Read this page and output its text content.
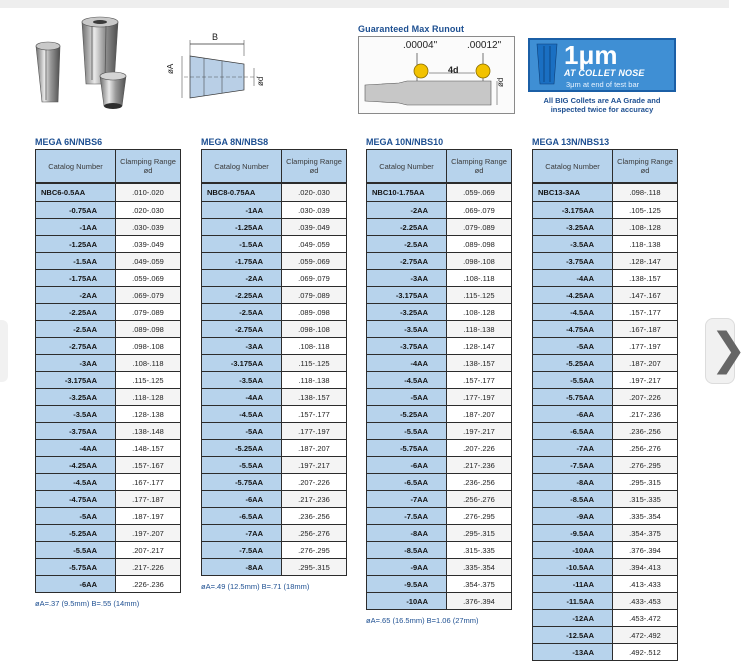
B
øA
ød
Guaranteed Max Runout
.00004"	.00012"
4d
ød
1μm
AT COLLET NOSE
3μm at end of test bar
All BIG Collets are AA Grade and inspected twice for accuracy
MEGA 6N/NBS6
Catalog Number	Clamping Range ød
NBC6-0.5AA	.010-.020
-0.75AA	.020-.030
-1AA	.030-.039
-1.25AA	.039-.049
-1.5AA	.049-.059
-1.75AA	.059-.069
-2AA	.069-.079
-2.25AA	.079-.089
-2.5AA	.089-.098
-2.75AA	.098-.108
-3AA	.108-.118
-3.175AA	.115-.125
-3.25AA	.118-.128
-3.5AA	.128-.138
-3.75AA	.138-.148
-4AA	.148-.157
-4.25AA	.157-.167
-4.5AA	.167-.177
-4.75AA	.177-.187
-5AA	.187-.197
-5.25AA	.197-.207
-5.5AA	.207-.217
-5.75AA	.217-.226
-6AA	.226-.236
øA=.37 (9.5mm) B=.55 (14mm)
MEGA 8N/NBS8
Catalog Number	Clamping Range ød
NBC8-0.75AA	.020-.030
-1AA	.030-.039
-1.25AA	.039-.049
-1.5AA	.049-.059
-1.75AA	.059-.069
-2AA	.069-.079
-2.25AA	.079-.089
-2.5AA	.089-.098
-2.75AA	.098-.108
-3AA	.108-.118
-3.175AA	.115-.125
-3.5AA	.118-.138
-4AA	.138-.157
-4.5AA	.157-.177
-5AA	.177-.197
-5.25AA	.187-.207
-5.5AA	.197-.217
-5.75AA	.207-.226
-6AA	.217-.236
-6.5AA	.236-.256
-7AA	.256-.276
-7.5AA	.276-.295
-8AA	.295-.315
øA=.49 (12.5mm) B=.71 (18mm)
MEGA 10N/NBS10
Catalog Number	Clamping Range ød
NBC10-1.75AA	.059-.069
-2AA	.069-.079
-2.25AA	.079-.089
-2.5AA	.089-.098
-2.75AA	.098-.108
-3AA	.108-.118
-3.175AA	.115-.125
-3.25AA	.108-.128
-3.5AA	.118-.138
-3.75AA	.128-.147
-4AA	.138-.157
-4.5AA	.157-.177
-5AA	.177-.197
-5.25AA	.187-.207
-5.5AA	.197-.217
-5.75AA	.207-.226
-6AA	.217-.236
-6.5AA	.236-.256
-7AA	.256-.276
-7.5AA	.276-.295
-8AA	.295-.315
-8.5AA	.315-.335
-9AA	.335-.354
-9.5AA	.354-.375
-10AA	.376-.394
øA=.65 (16.5mm) B=1.06 (27mm)
MEGA 13N/NBS13
Catalog Number	Clamping Range ød
NBC13-3AA	.098-.118
-3.175AA	.105-.125
-3.25AA	.108-.128
-3.5AA	.118-.138
-3.75AA	.128-.147
-4AA	.138-.157
-4.25AA	.147-.167
-4.5AA	.157-.177
-4.75AA	.167-.187
-5AA	.177-.197
-5.25AA	.187-.207
-5.5AA	.197-.217
-5.75AA	.207-.226
-6AA	.217-.236
-6.5AA	.236-.256
-7AA	.256-.276
-7.5AA	.276-.295
-8AA	.295-.315
-8.5AA	.315-.335
-9AA	.335-.354
-9.5AA	.354-.375
-10AA	.376-.394
-10.5AA	.394-.413
-11AA	.413-.433
-11.5AA	.433-.453
-12AA	.453-.472
-12.5AA	.472-.492
-13AA	.492-.512
❯
